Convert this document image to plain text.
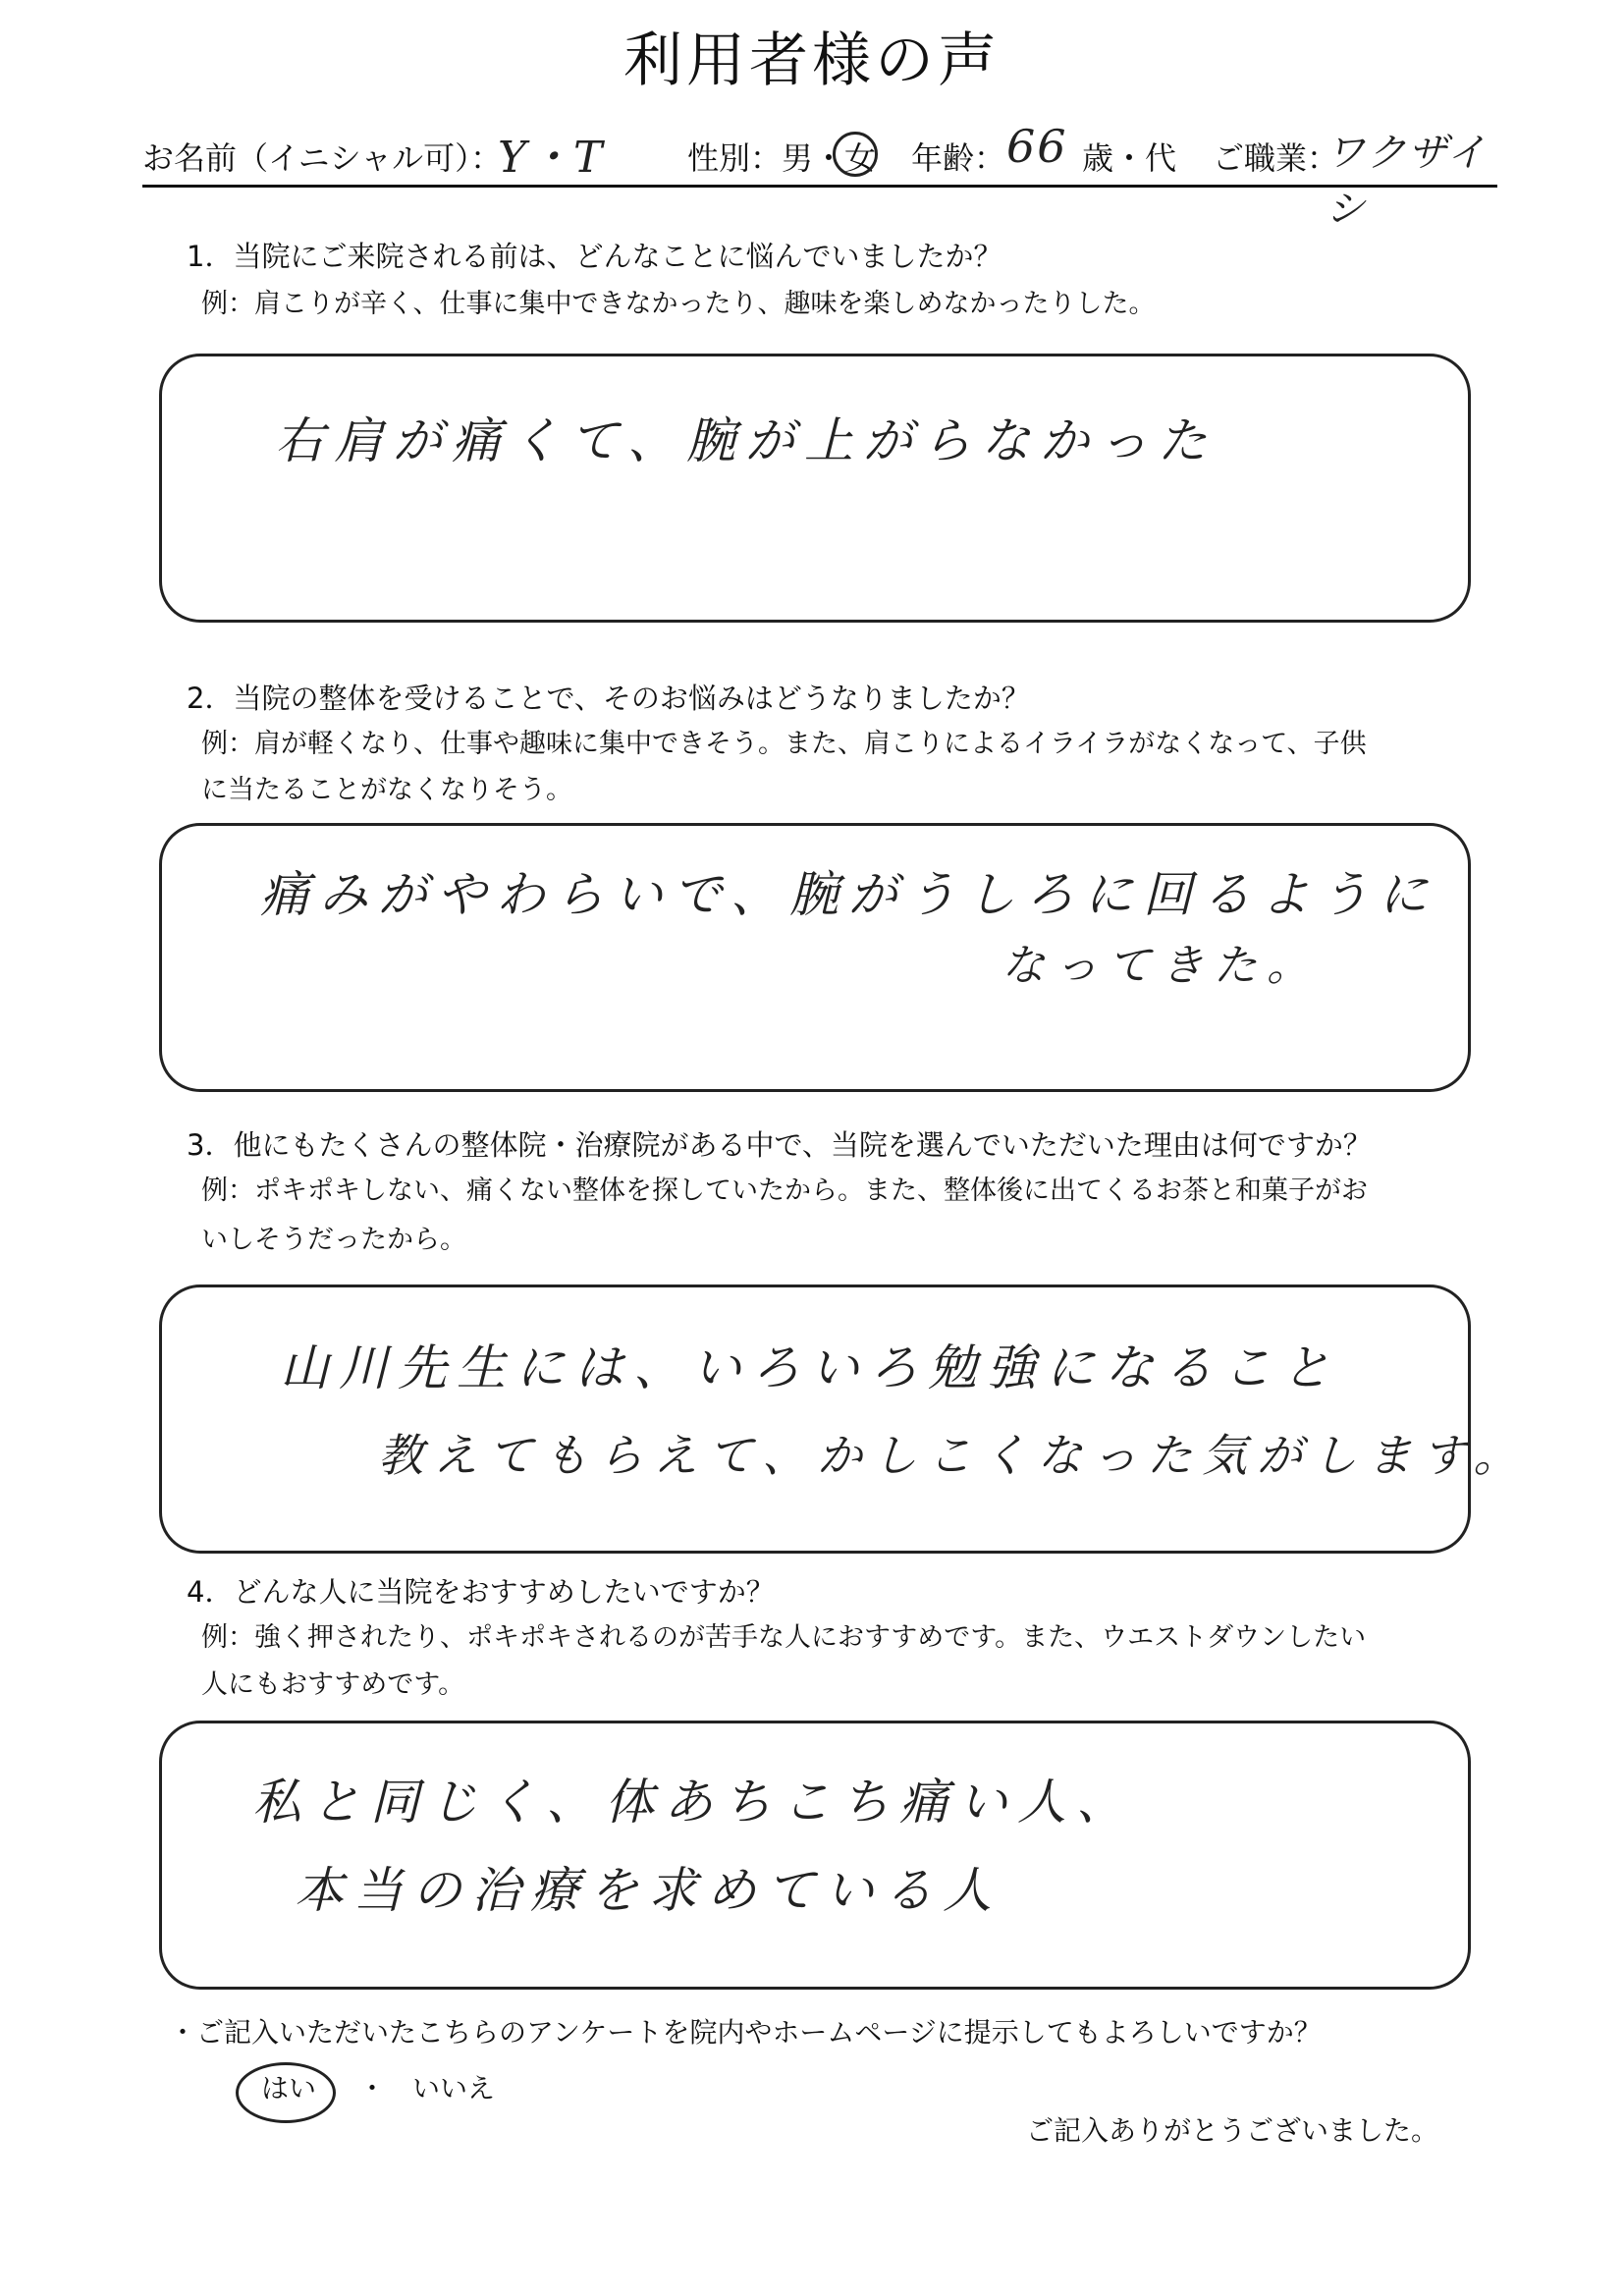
利用者様の声
お名前（イニシャル可）：
Y・T	性別：男・女 年齢： 66 歳・代 ご職業：
ワクザイシ
1．当院にご来院される前は、どんなことに悩んでいましたか？
例：肩こりが辛く、仕事に集中できなかったり、趣味を楽しめなかったりした。
右肩が痛くて、腕が上がらなかった
2．当院の整体を受けることで、そのお悩みはどうなりましたか？
例：肩が軽くなり、仕事や趣味に集中できそう。また、肩こりによるイライラがなくなって、子供
に当たることがなくなりそう。
痛みがやわらいで、腕がうしろに回るように
なってきた。
3．他にもたくさんの整体院・治療院がある中で、当院を選んでいただいた理由は何ですか？
例：ポキポキしない、痛くない整体を探していたから。また、整体後に出てくるお茶と和菓子がお
いしそうだったから。
山川先生には、いろいろ勉強になること
教えてもらえて、かしこくなった気がします。
4．どんな人に当院をおすすめしたいですか？
例：強く押されたり、ポキポキされるのが苦手な人におすすめです。また、ウエストダウンしたい
人にもおすすめです。
私と同じく、体あちこち痛い人、
本当の治療を求めている人
・ご記入いただいたこちらのアンケートを院内やホームページに提示してもよろしいですか？
はい ・ いいえ
ご記入ありがとうございました。
